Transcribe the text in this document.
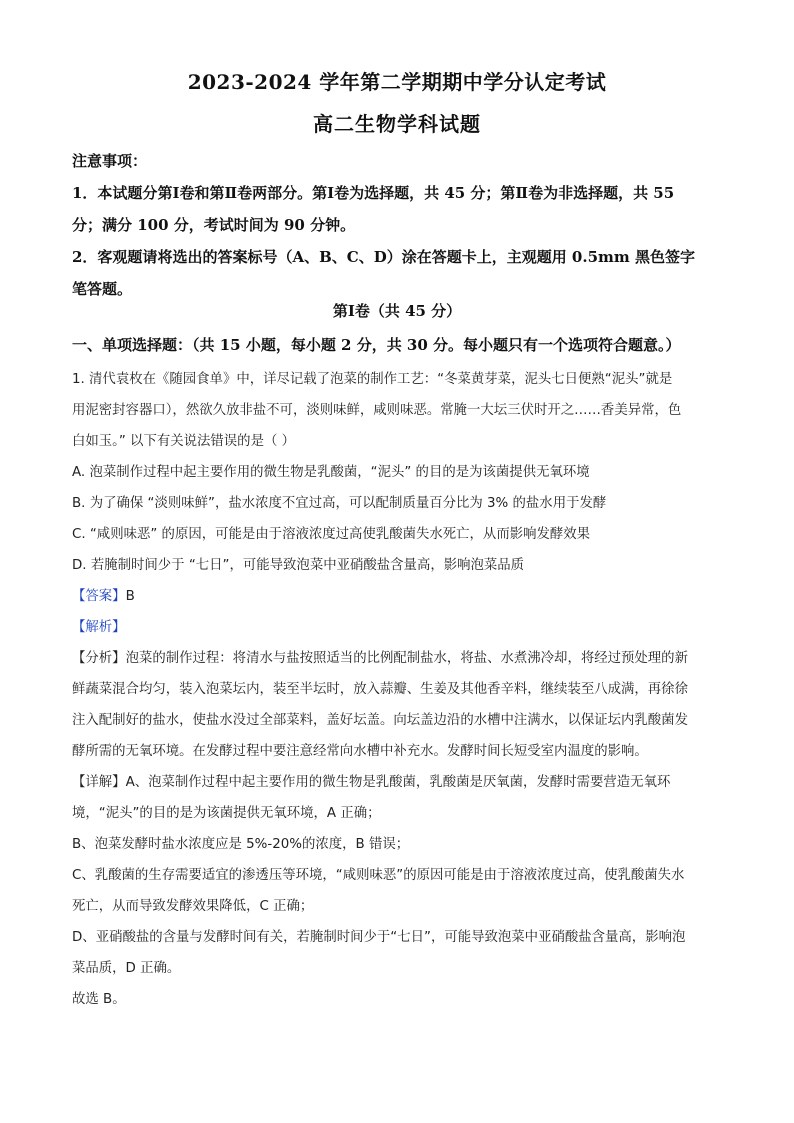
2023-2024 学年第二学期期中学分认定考试
高二生物学科试题

注意事项：

1．本试题分第Ⅰ卷和第Ⅱ卷两部分。第Ⅰ卷为选择题，共 45 分；第Ⅱ卷为非选择题，共 55

分；满分 100 分，考试时间为 90 分钟。

2．客观题请将选出的答案标号（A、B、C、D）涂在答题卡上，主观题用 0.5mm 黑色签字

笔答题。

第Ⅰ卷（共 45 分）
一、单项选择题：（共 15 小题，每小题 2 分，共 30 分。每小题只有一个选项符合题意。）

1. 清代袁枚在《随园食单》中，详尽记载了泡菜的制作工艺：“冬菜黄芽菜，泥头七日便熟“泥头”就是

用泥密封容器口），然欲久放非盐不可，淡则味鲜，咸则味恶。常腌一大坛三伏时开之……香美异常，色

白如玉。” 以下有关说法错误的是（ ）

A. 泡菜制作过程中起主要作用的微生物是乳酸菌，“泥头” 的目的是为该菌提供无氧环境

B. 为了确保 “淡则味鲜”，盐水浓度不宜过高，可以配制质量百分比为 3% 的盐水用于发酵

C. “咸则味恶” 的原因，可能是由于溶液浓度过高使乳酸菌失水死亡，从而影响发酵效果

D. 若腌制时间少于 “七日”，可能导致泡菜中亚硝酸盐含量高，影响泡菜品质

【答案】B

【解析】

【分析】泡菜的制作过程：将清水与盐按照适当的比例配制盐水，将盐、水煮沸冷却，将经过预处理的新

鲜蔬菜混合均匀，装入泡菜坛内，装至半坛时，放入蒜瓣、生姜及其他香辛料，继续装至八成满，再徐徐

注入配制好的盐水，使盐水没过全部菜料，盖好坛盖。向坛盖边沿的水槽中注满水，以保证坛内乳酸菌发

酵所需的无氧环境。在发酵过程中要注意经常向水槽中补充水。发酵时间长短受室内温度的影响。

【详解】A、泡菜制作过程中起主要作用的微生物是乳酸菌，乳酸菌是厌氧菌，发酵时需要营造无氧环

境，“泥头”的目的是为该菌提供无氧环境，A 正确；

B、泡菜发酵时盐水浓度应是 5%-20%的浓度，B 错误；

C、乳酸菌的生存需要适宜的渗透压等环境，“咸则味恶”的原因可能是由于溶液浓度过高，使乳酸菌失水

死亡，从而导致发酵效果降低，C 正确；

D、亚硝酸盐的含量与发酵时间有关，若腌制时间少于“七日”，可能导致泡菜中亚硝酸盐含量高，影响泡

菜品质，D 正确。

故选 B。
